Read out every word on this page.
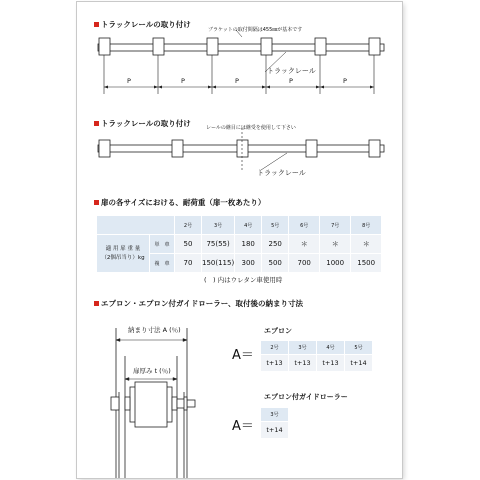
トラックレールの取り付け
ブラケットの取付間隔は455㎜が基本です
トラックレール
P	P	P	P	P
トラックレールの取り付け	レールの継目には継受を使用して下さい
トラックレール
扉の各サイズにおける、耐荷重（扉一枚あたり）
		2号	3号	4号	5号	6号	7号	8号

適 用 扉 重 量
（2個吊当り）kg	単　車	50	75(55)	180	250	＊	＊	＊
	複　車	70	150(115)	300	500	700	1000	1500
(　) 内はウレタン車使用時
エプロン・エプロン付ガイドローラー、取付後の納まり寸法
納まり寸法 A (％)
扉厚み t (％)
エプロン
A＝	2号	3号	4号	5号
t+13	t+13	t+13	t+14
エプロン付ガイドローラー
A＝
3号
t+14
